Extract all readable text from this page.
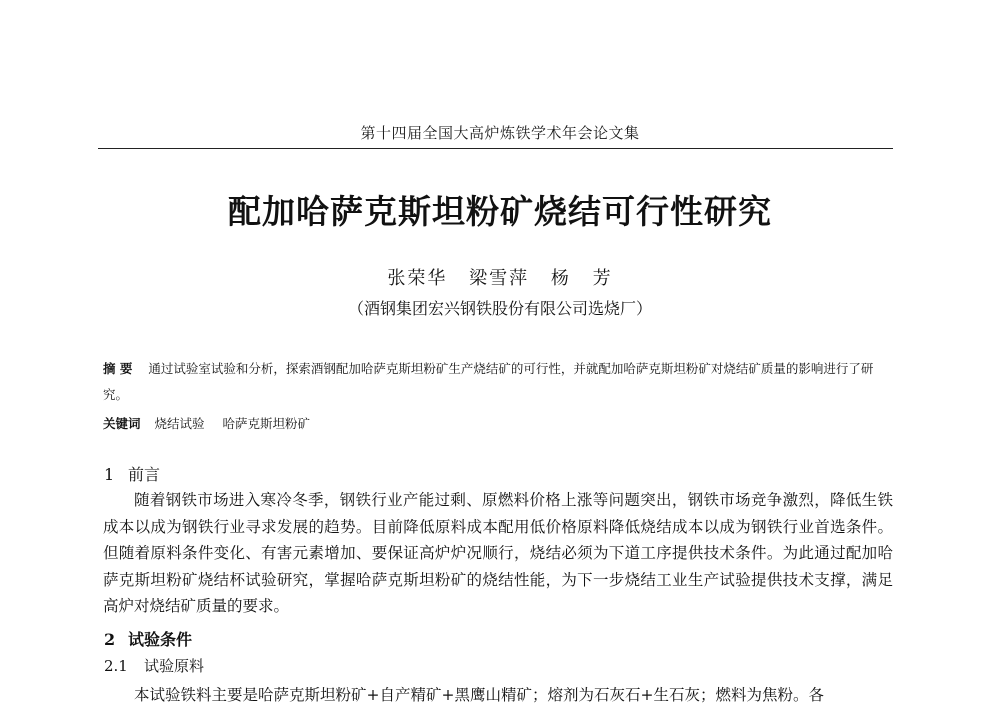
第十四届全国大高炉炼铁学术年会论文集
配加哈萨克斯坦粉矿烧结可行性研究
张荣华 梁雪萍 杨 芳
（酒钢集团宏兴钢铁股份有限公司选烧厂）
摘 要 通过试验室试验和分析，探索酒钢配加哈萨克斯坦粉矿生产烧结矿的可行性，并就配加哈萨克斯坦粉矿对烧结矿质量的影响进行了研究。
关键词 烧结试验 哈萨克斯坦粉矿
1 前言
随着钢铁市场进入寒冷冬季，钢铁行业产能过剩、原燃料价格上涨等问题突出，钢铁市场竞争激烈，降低生铁成本以成为钢铁行业寻求发展的趋势。目前降低原料成本配用低价格原料降低烧结成本以成为钢铁行业首选条件。但随着原料条件变化、有害元素增加、要保证高炉炉况顺行，烧结必须为下道工序提供技术条件。为此通过配加哈萨克斯坦粉矿烧结杯试验研究，掌握哈萨克斯坦粉矿的烧结性能，为下一步烧结工业生产试验提供技术支撑，满足高炉对烧结矿质量的要求。
2 试验条件
2.1 试验原料
本试验铁料主要是哈萨克斯坦粉矿+自产精矿+黑鹰山精矿；熔剂为石灰石+生石灰；燃料为焦粉。各
